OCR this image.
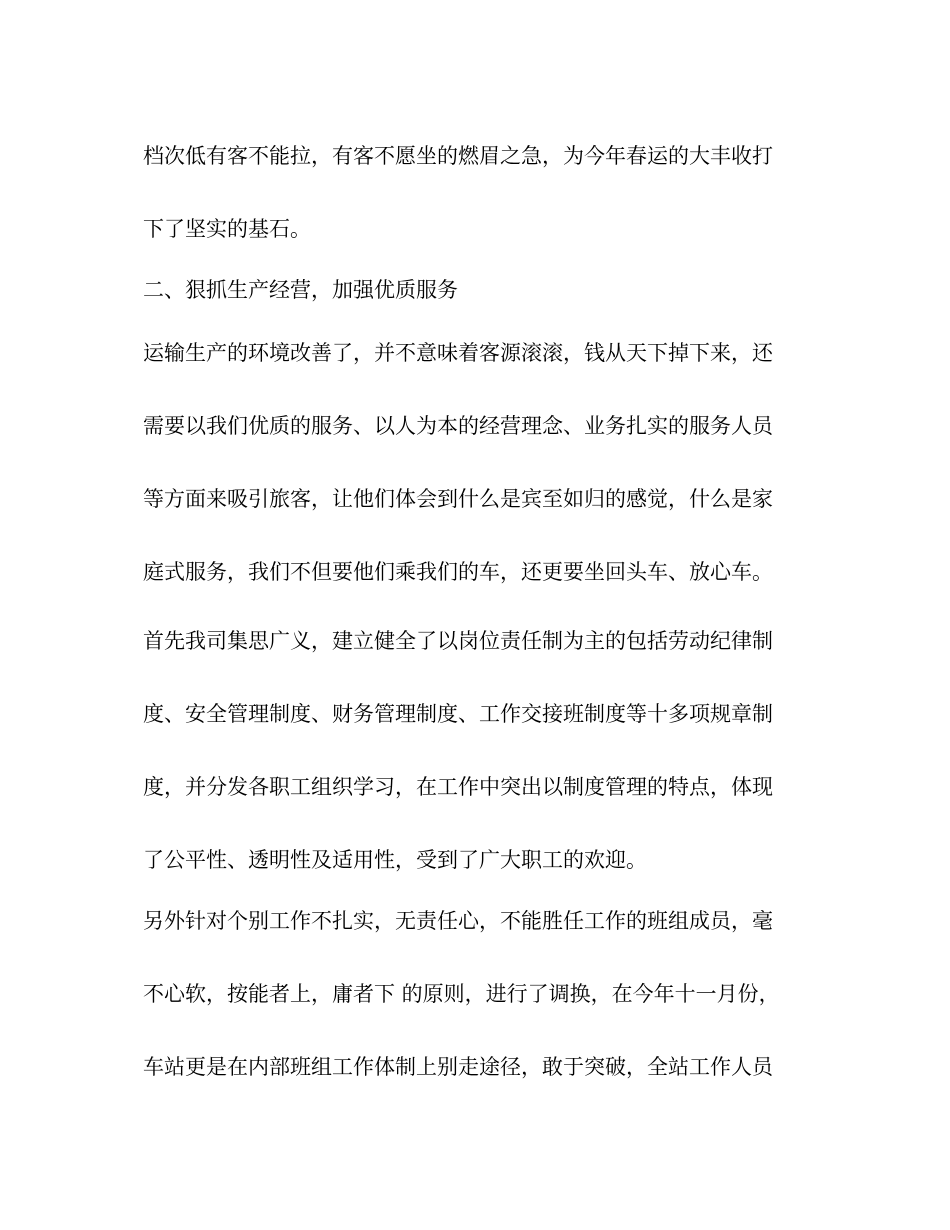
档次低有客不能拉，有客不愿坐的燃眉之急，为今年春运的大丰收打
下了坚实的基石。
二、狠抓生产经营，加强优质服务
运输生产的环境改善了，并不意味着客源滚滚，钱从天下掉下来，还
需要以我们优质的服务、以人为本的经营理念、业务扎实的服务人员
等方面来吸引旅客，让他们体会到什么是宾至如归的感觉，什么是家
庭式服务，我们不但要他们乘我们的车，还更要坐回头车、放心车。
首先我司集思广义，建立健全了以岗位责任制为主的包括劳动纪律制
度、安全管理制度、财务管理制度、工作交接班制度等十多项规章制
度，并分发各职工组织学习，在工作中突出以制度管理的特点，体现
了公平性、透明性及适用性，受到了广大职工的欢迎。
另外针对个别工作不扎实，无责任心，不能胜任工作的班组成员，毫
不心软，按能者上，庸者下 的原则，进行了调换，在今年十一月份，
车站更是在内部班组工作体制上别走途径，敢于突破，全站工作人员
